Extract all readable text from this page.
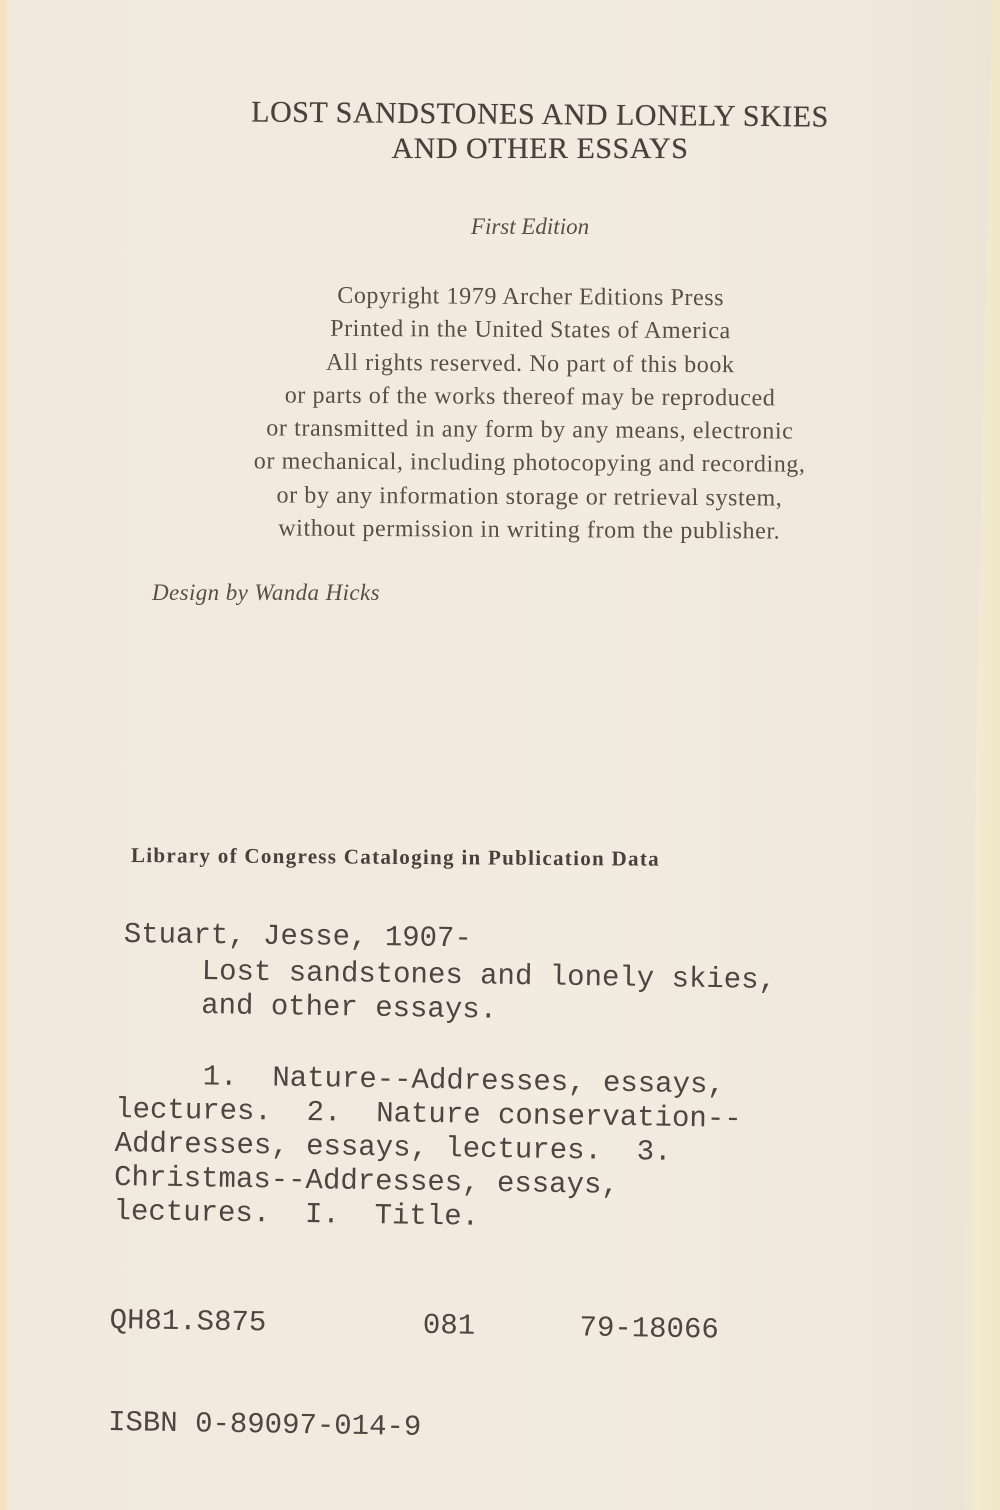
LOST SANDSTONES AND LONELY SKIES
AND OTHER ESSAYS
First Edition
Copyright 1979 Archer Editions Press
Printed in the United States of America
All rights reserved. No part of this book
or parts of the works thereof may be reproduced
or transmitted in any form by any means, electronic
or mechanical, including photocopying and recording,
or by any information storage or retrieval system,
without permission in writing from the publisher.
Design by Wanda Hicks
Library of Congress Cataloging in Publication Data
Stuart, Jesse, 1907-
Lost sandstones and lonely skies,
and other essays.
1.  Nature--Addresses, essays,
lectures.  2.  Nature conservation--
Addresses, essays, lectures.  3.
Christmas--Addresses, essays,
lectures.  I.  Title.

QH81.S875	081	79-18066

ISBN 0-89097-014-9
